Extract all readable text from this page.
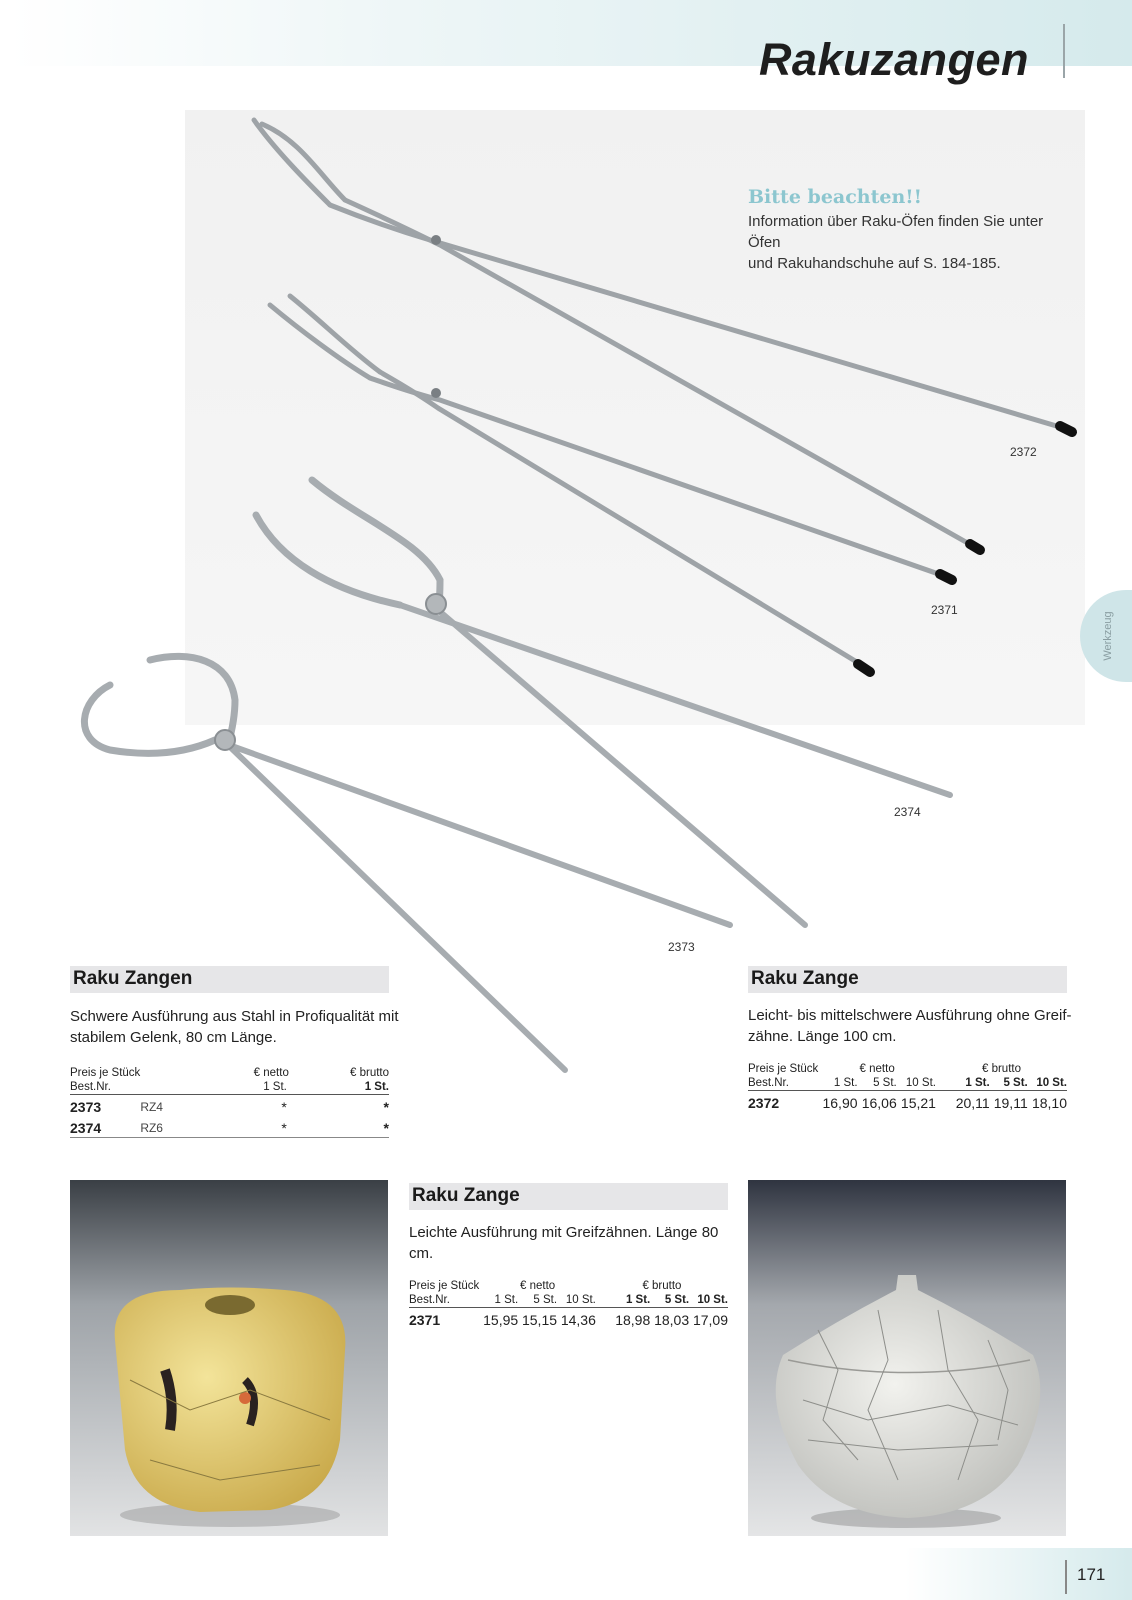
Rakuzangen
Bitte beachten!!
Information über Raku-Öfen finden Sie unter Öfen
und Rakuhandschuhe auf S. 184-185.
2372
2371
2374
2373
Werkzeug
Raku Zangen
Schwere Ausführung aus Stahl in Profiqualität mit
stabilem Gelenk, 80 cm Länge.
Preis je Stück		€ netto	€ brutto
Best.Nr.		1 St.	1 St.
2373	RZ4	*	*
2374	RZ6	*	*
Raku Zange
Leicht- bis mittelschwere Ausführung ohne Greif-
zähne. Länge 100 cm.
Preis je Stück	€ netto			€ brutto		
Best.Nr.	1 St.	5 St.	10 St.	1 St.	5 St.	10 St.
2372	16,90	16,06	15,21	20,11	19,11	18,10
Raku Zange
Leichte Ausführung mit Greifzähnen. Länge 80 cm.
Preis je Stück	€ netto			€ brutto		
Best.Nr.	1 St.	5 St.	10 St.	1 St.	5 St.	10 St.
2371	15,95	15,15	14,36	18,98	18,03	17,09
171
